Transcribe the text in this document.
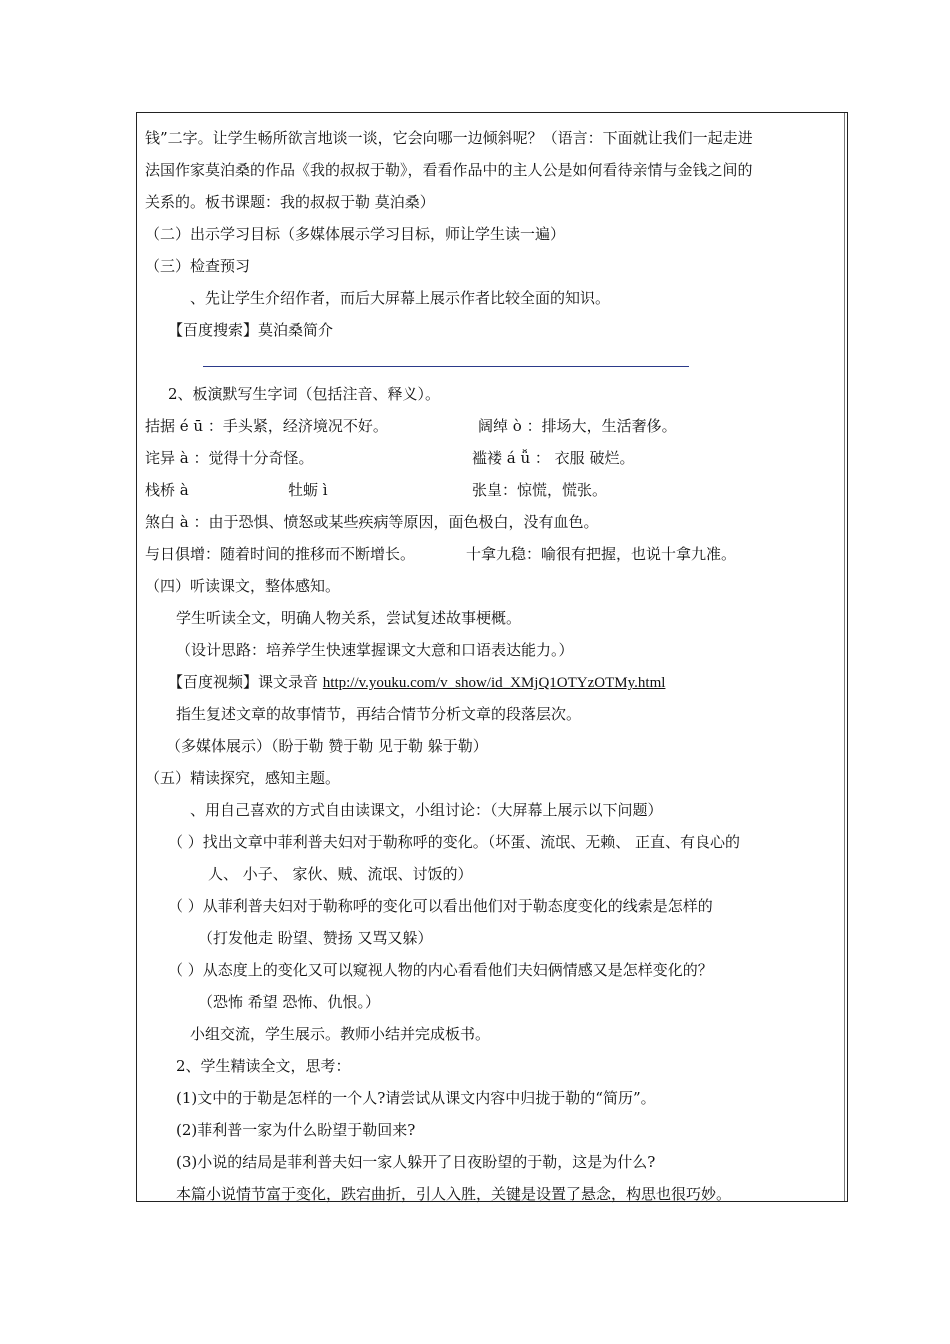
钱”二字。让学生畅所欲言地谈一谈，它会向哪一边倾斜呢？（语言：下面就让我们一起走进
法国作家莫泊桑的作品《我的叔叔于勒》，看看作品中的主人公是如何看待亲情与金钱之间的
关系的。板书课题：我的叔叔于勒 莫泊桑）
（二）出示学习目标（多媒体展示学习目标，师让学生读一遍）
（三）检查预习
、先让学生介绍作者，而后大屏幕上展示作者比较全面的知识。
【百度搜索】莫泊桑简介
2、板演默写生字词（包括注音、释义）。
拮据 é ū ：手头紧，经济境况不好。	阔绰 ò ：排场大，生活奢侈。
诧异 à ：觉得十分奇怪。	褴褛 á ǚ ： 衣服 破烂。
栈桥 à	牡蛎 ì	张皇：惊慌，慌张。
煞白 à ：由于恐惧、愤怒或某些疾病等原因，面色极白，没有血色。
与日俱增：随着时间的推移而不断增长。	十拿九稳：喻很有把握，也说十拿九准。
（四）听读课文，整体感知。
学生听读全文，明确人物关系，尝试复述故事梗概。
（设计思路：培养学生快速掌握课文大意和口语表达能力。）
【百度视频】课文录音 http://v.youku.com/v_show/id_XMjQ1OTYzOTMy.html
指生复述文章的故事情节，再结合情节分析文章的段落层次。
（多媒体展示）（盼于勒 赞于勒 见于勒 躲于勒）
（五）精读探究，感知主题。
、用自己喜欢的方式自由读课文，小组讨论：（大屏幕上展示以下问题）
（ ）找出文章中菲利普夫妇对于勒称呼的变化。（坏蛋、流氓、无赖、 正直、有良心的
人、 小子、 家伙、贼、流氓、讨饭的）
（ ）从菲利普夫妇对于勒称呼的变化可以看出他们对于勒态度变化的线索是怎样的
（打发他走 盼望、赞扬 又骂又躲）
（ ）从态度上的变化又可以窥视人物的内心看看他们夫妇俩情感又是怎样变化的？
（恐怖 希望 恐怖、仇恨。）
小组交流，学生展示。教师小结并完成板书。
2、学生精读全文，思考：
(1)文中的于勒是怎样的一个人?请尝试从课文内容中归拢于勒的“简历”。
(2)菲利普一家为什么盼望于勒回来?
(3)小说的结局是菲利普夫妇一家人躲开了日夜盼望的于勒，这是为什么?
本篇小说情节富于变化，跌宕曲折，引人入胜，关键是设置了悬念，构思也很巧妙。
